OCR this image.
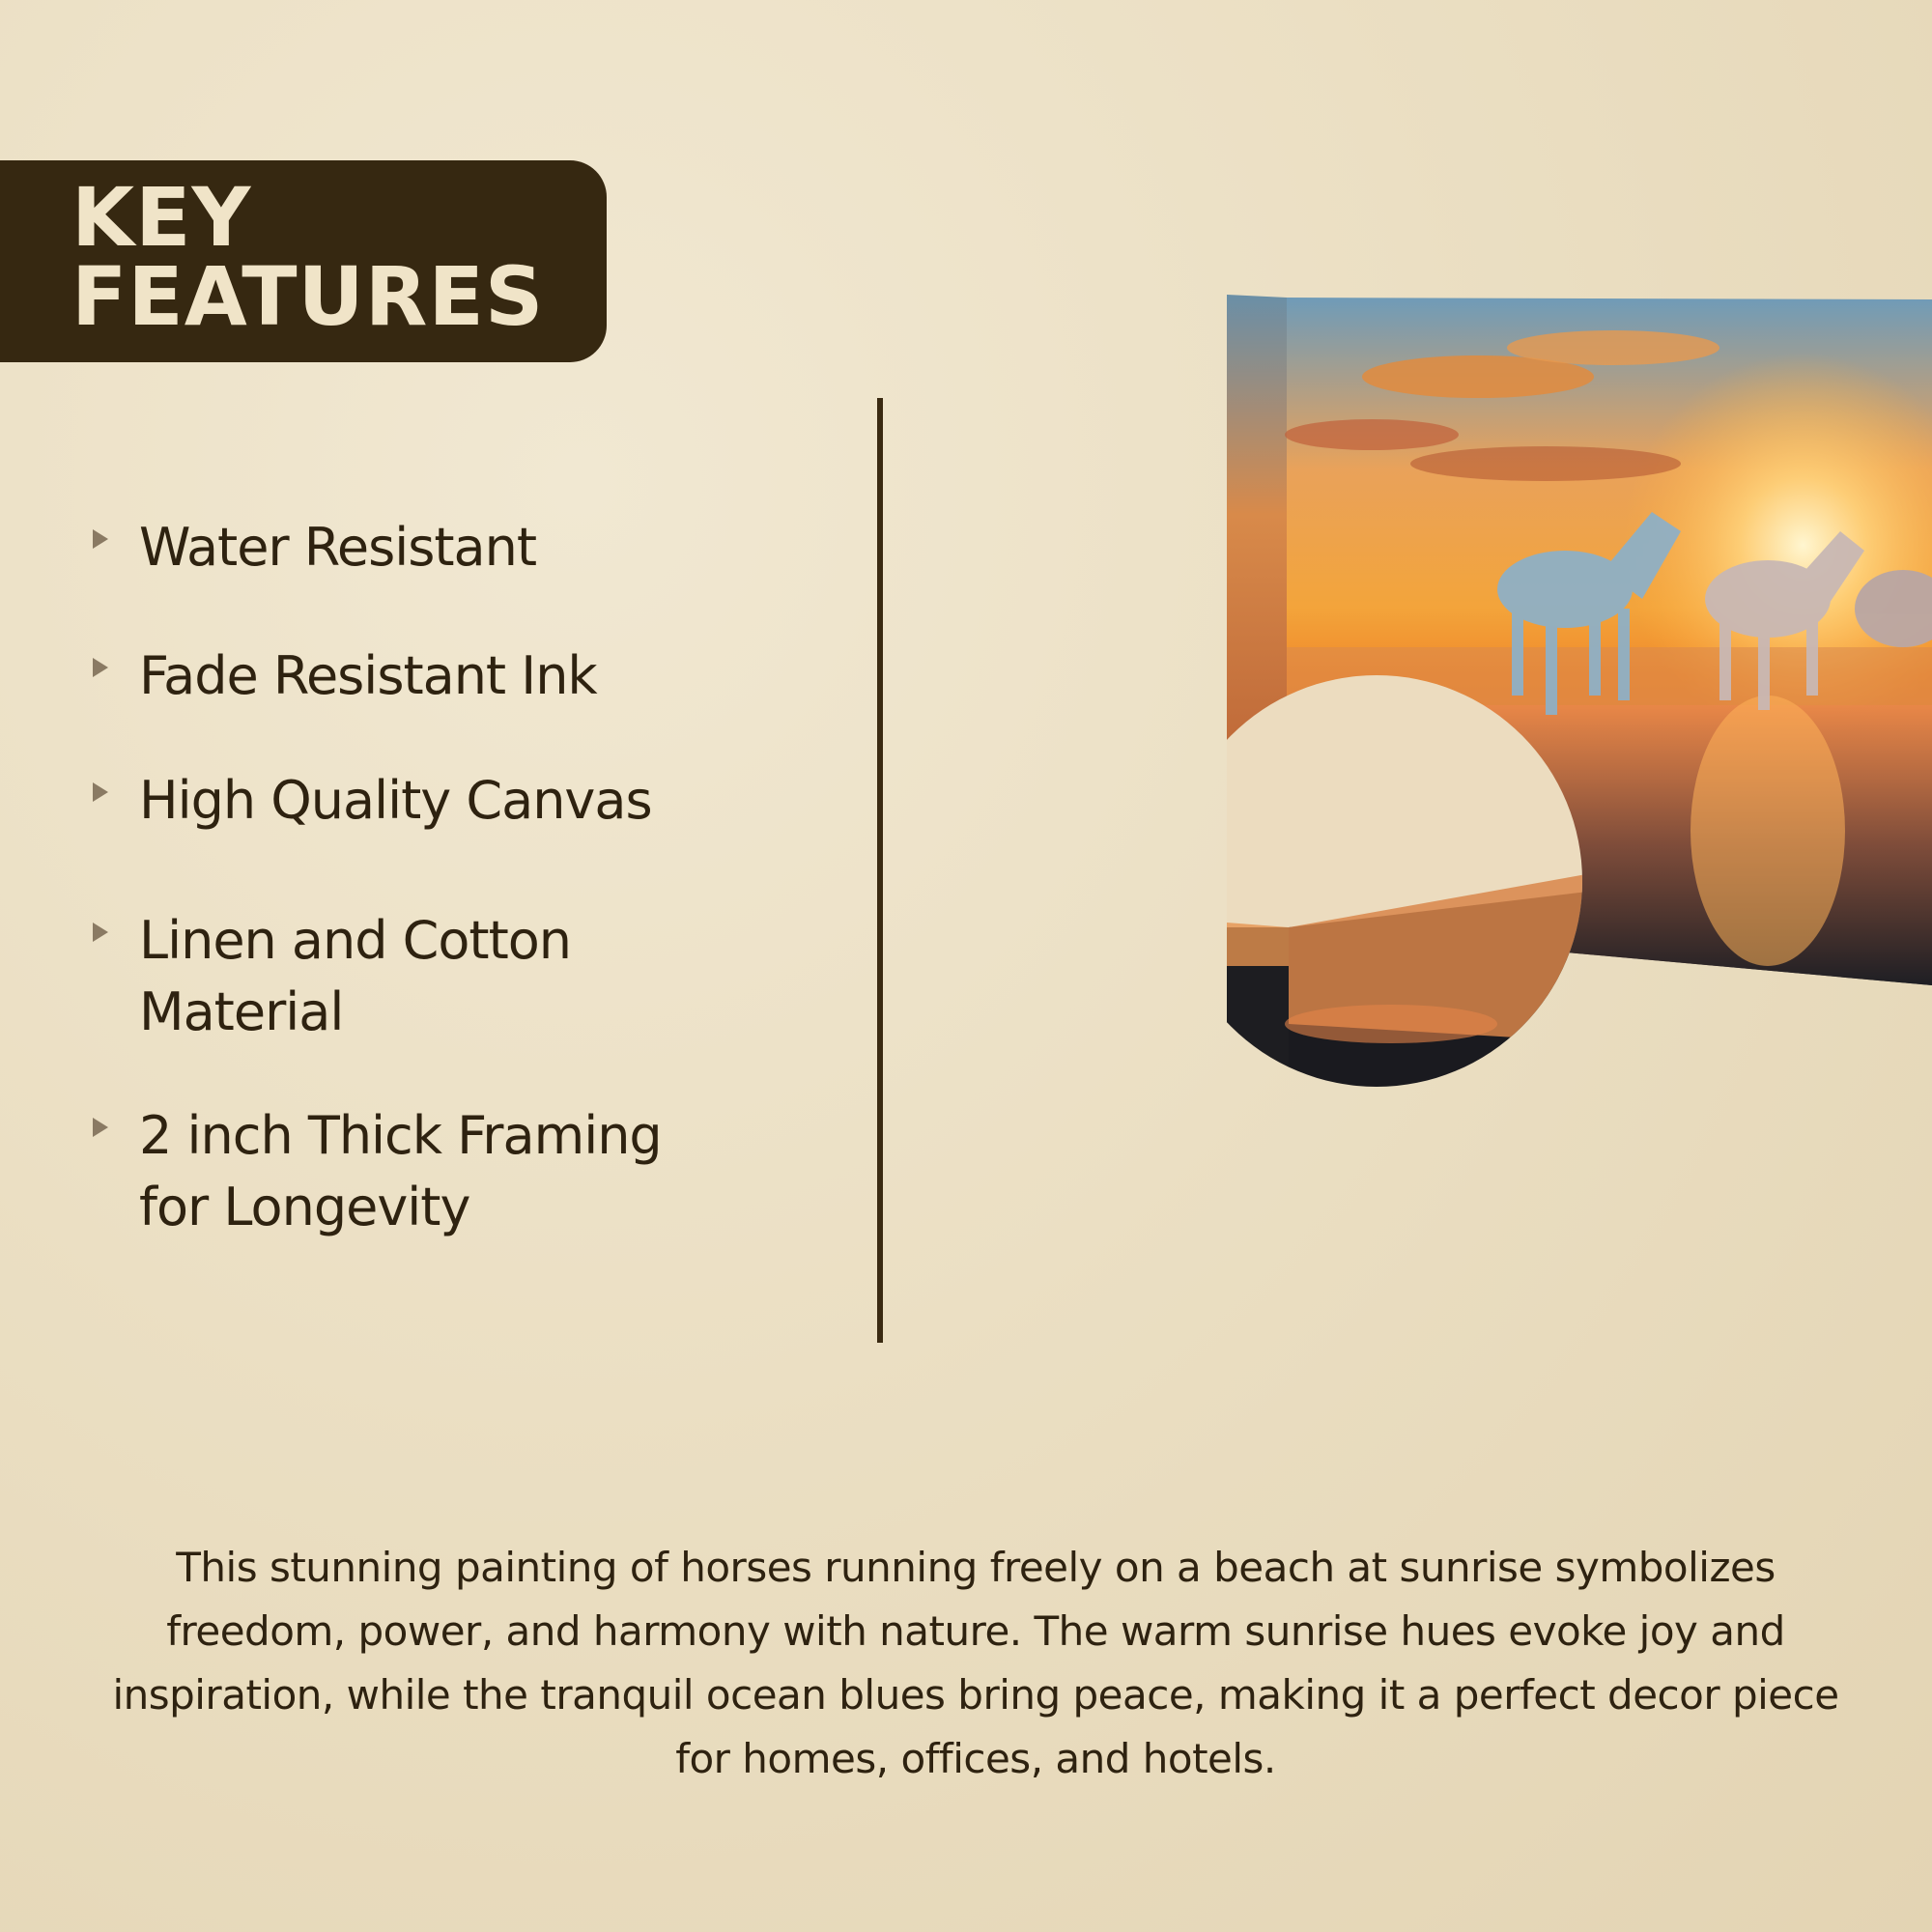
KEY
FEATURES
Water Resistant
Fade Resistant Ink
High Quality Canvas
Linen and Cotton
Material
2 inch Thick Framing
for Longevity
This stunning painting of horses running freely on a beach at sunrise symbolizes freedom, power, and harmony with nature. The warm sunrise hues evoke joy and inspiration, while the tranquil ocean blues bring peace, making it a perfect decor piece for homes, offices, and hotels.
